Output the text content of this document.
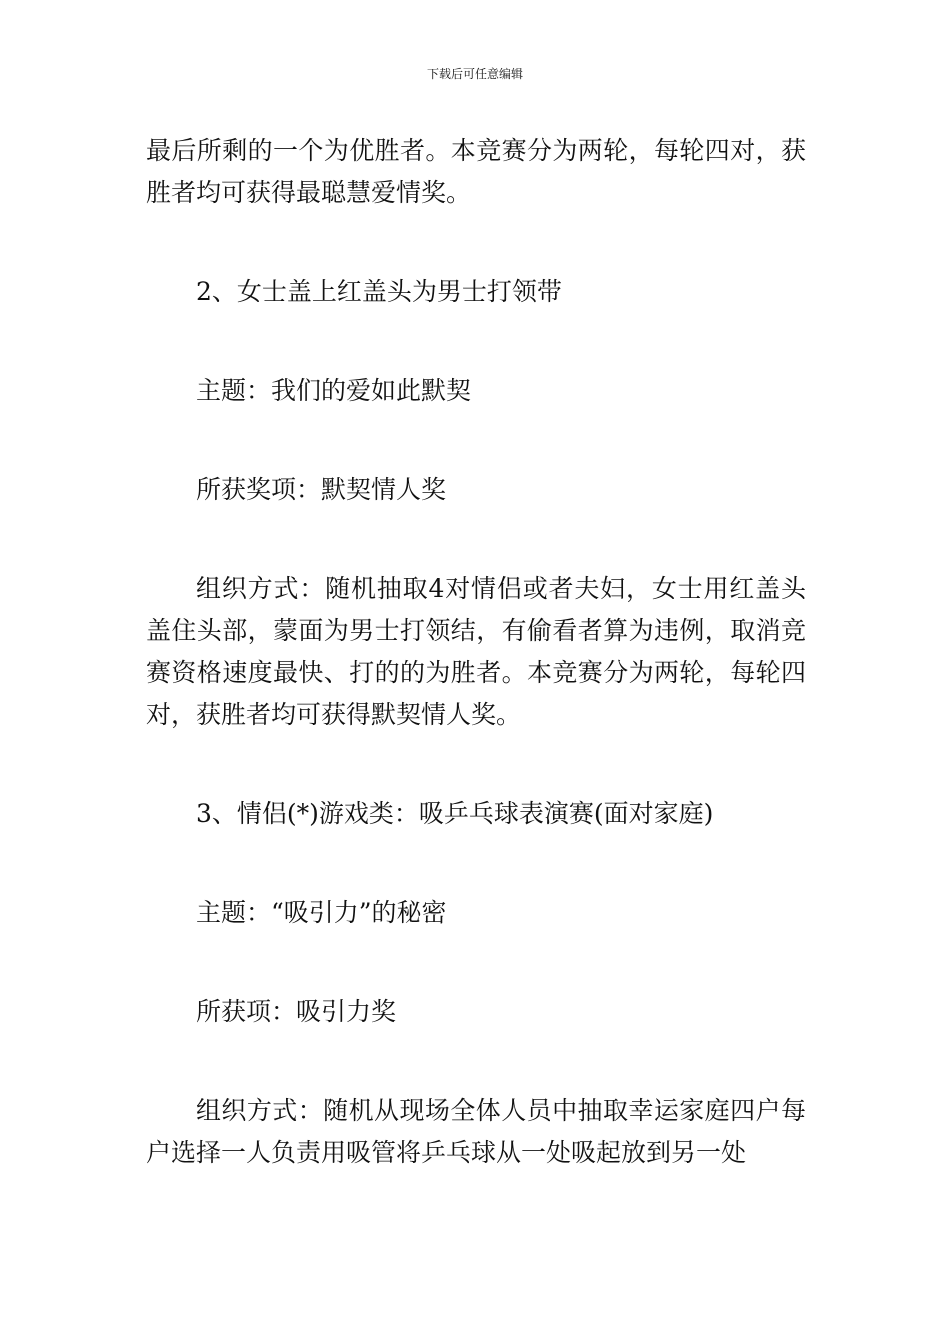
下载后可任意编辑

最后所剩的一个为优胜者。本竞赛分为两轮，每轮四对，获胜者均可获得最聪慧爱情奖。

2、女士盖上红盖头为男士打领带

主题：我们的爱如此默契

所获奖项：默契情人奖

组织方式：随机抽取4对情侣或者夫妇，女士用红盖头盖住头部，蒙面为男士打领结，有偷看者算为违例，取消竞赛资格速度最快、打的的为胜者。本竞赛分为两轮，每轮四对，获胜者均可获得默契情人奖。

3、情侣(*)游戏类：吸乒乓球表演赛(面对家庭)

主题：“吸引力”的秘密

所获项：吸引力奖

组织方式：随机从现场全体人员中抽取幸运家庭四户每户选择一人负责用吸管将乒乓球从一处吸起放到另一处
